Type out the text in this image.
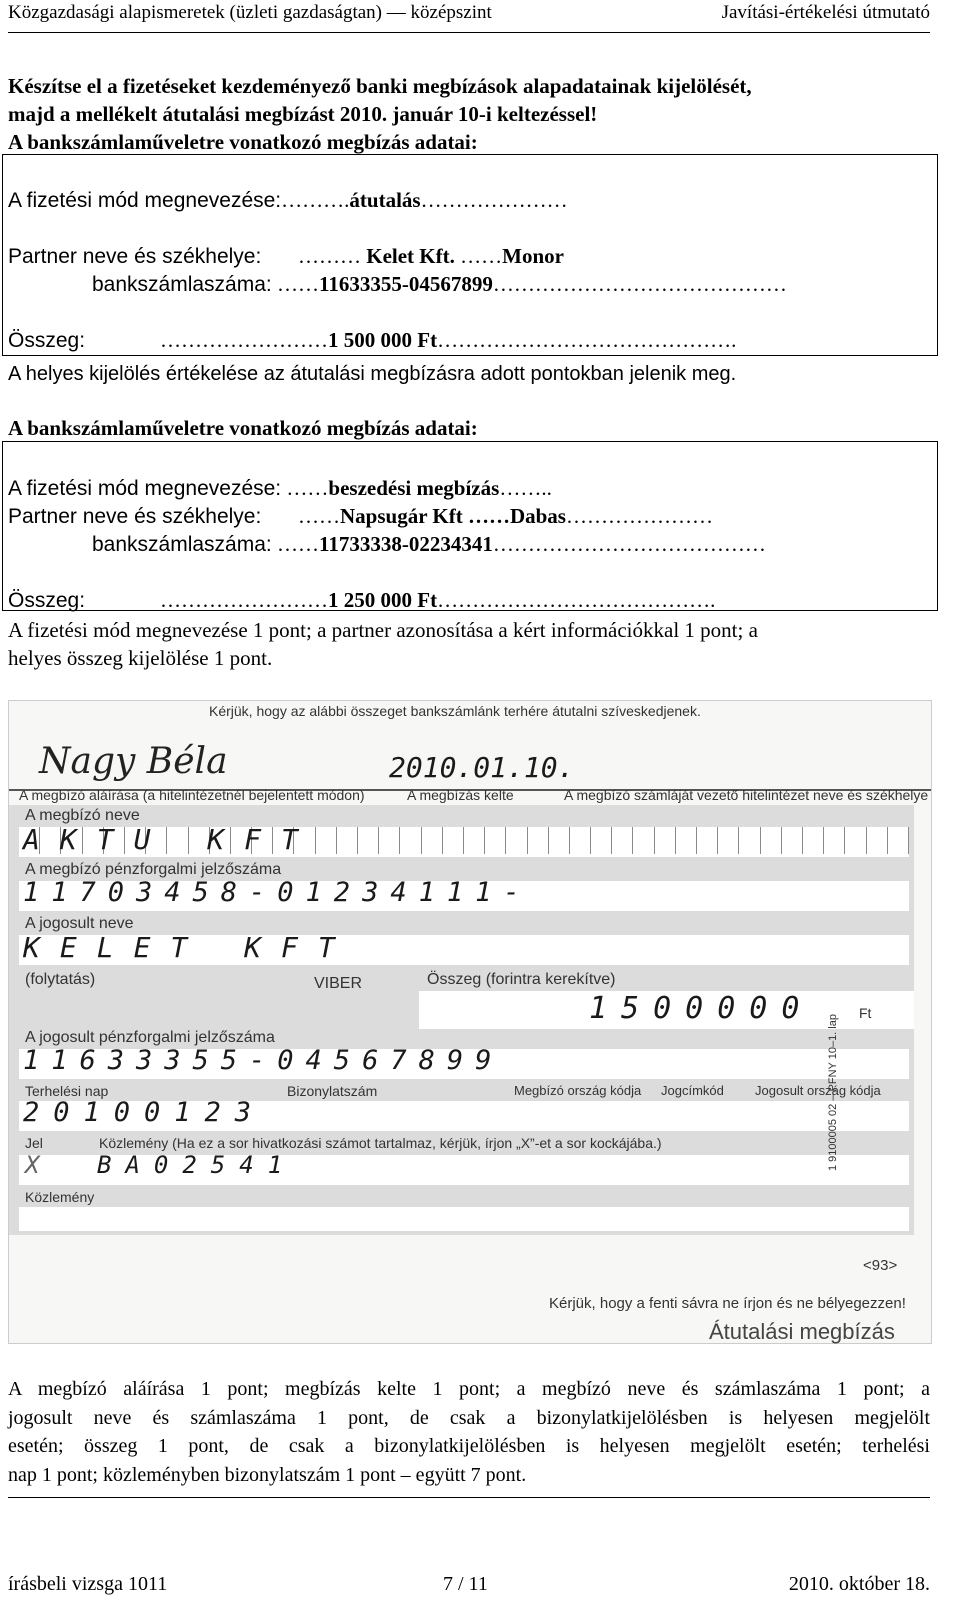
Közgazdasági alapismeretek (üzleti gazdaságtan) — középszint	Javítási-értékelési útmutató
Készítse el a fizetéseket kezdeményező banki megbízások alapadatainak kijelölését,
majd a mellékelt átutalási megbízást 2010. január 10-i keltezéssel!
A bankszámlaműveletre vonatkozó megbízás adatai:
A fizetési mód megnevezése:……….átutalás…………………
Partner neve és székhelye: ……… Kelet Kft. ……Monor
bankszámlaszáma: ……11633355-04567899……………………………………
Összeg:	……………………1 500 000 Ft…………………………………….
A helyes kijelölés értékelése az átutalási megbízásra adott pontokban jelenik meg.
A bankszámlaműveletre vonatkozó megbízás adatai:
A fizetési mód megnevezése: ……beszedési megbízás……..
Partner neve és székhelye: ……Napsugár Kft ……Dabas…………………
bankszámlaszáma: ……11733338-02234341…………………………………
Összeg:	……………………1 250 000 Ft………………………………….
A fizetési mód megnevezése 1 pont; a partner azonosítása a kért információkkal 1 pont; a
helyes összeg kijelölése 1 pont.
Kérjük, hogy az alábbi összeget bankszámlánk terhére átutalni szíveskedjenek.
Nagy Béla	2010.01.10.
A megbízó aláírása (a hitelintézetnél bejelentett módon)	A megbízás kelte	A megbízó számláját vezető hitelintézet neve és székhelye
A megbízó neve
AKTU KFT
A megbízó pénzforgalmi jelzőszáma
11703458-01234111-
A jogosult neve
KELET KFT
(folytatás)	VIBER	Összeg (forintra kerekítve)
1500000	Ft
A jogosult pénzforgalmi jelzőszáma
11633355-04567899
Terhelési nap	Bizonylatszám	Megbízó ország kódja Jogcímkód Jogosult ország kódja
20100123
Jel	Közlemény (Ha ez a sor hivatkozási számot tartalmaz, kérjük, írjon „X”-et a sor kockájába.)
X BA02541
Közlemény
<93>
Kérjük, hogy a fenti sávra ne írjon és ne bélyegezzen!
Átutalási megbízás
1 9100005 02 – PFNY 10–1. lap
A megbízó aláírása 1 pont; megbízás kelte 1 pont; a megbízó neve és számlaszáma 1 pont; a
jogosult neve és számlaszáma 1 pont, de csak a bizonylatkijelölésben is helyesen megjelölt
esetén; összeg 1 pont, de csak a bizonylatkijelölésben is helyesen megjelölt esetén; terhelési
nap 1 pont; közleményben bizonylatszám 1 pont – együtt 7 pont.
írásbeli vizsga 1011	7 / 11	2010. október 18.
